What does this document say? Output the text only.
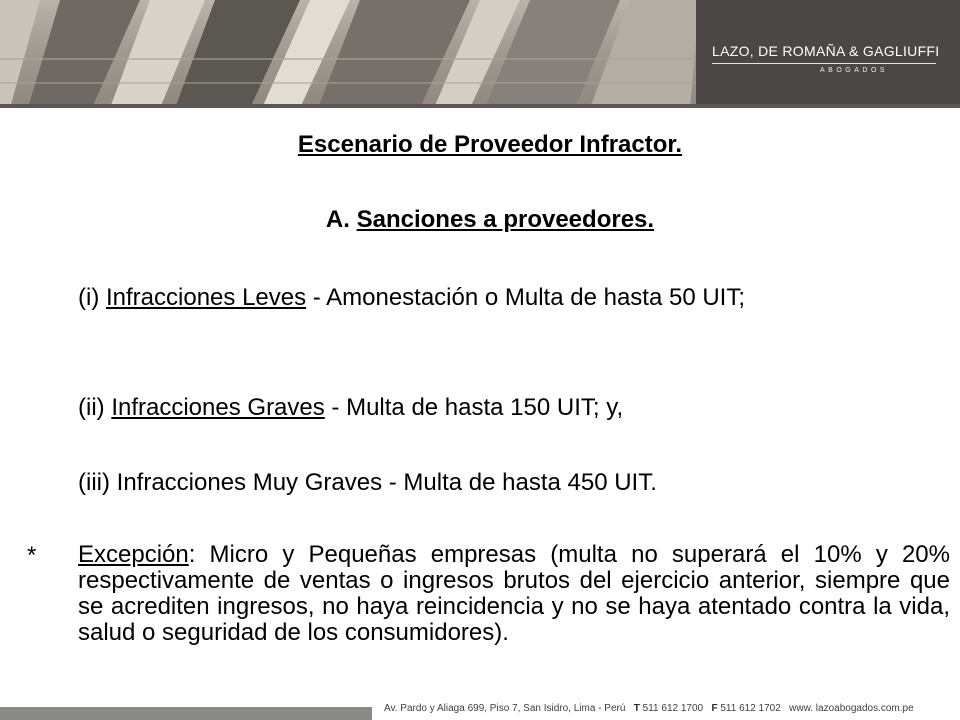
LAZO, DE ROMAÑA & GAGLIUFFI
ABOGADOS
Escenario de Proveedor Infractor.
A. Sanciones a proveedores.
(i) Infracciones Leves - Amonestación o Multa de hasta 50 UIT;
(ii) Infracciones Graves - Multa de hasta 150 UIT; y,
(iii) Infracciones Muy Graves - Multa de hasta 450 UIT.
* Excepción: Micro y Pequeñas empresas (multa no superará el 10% y 20% respectivamente de ventas o ingresos brutos del ejercicio anterior, siempre que se acrediten ingresos, no haya reincidencia y no se haya atentado contra la vida, salud o seguridad de los consumidores).
Av. Pardo y Aliaga 699, Piso 7, San Isidro, Lima - Perú T 511 612 1700 F 511 612 1702 www. lazoabogados.com.pe
